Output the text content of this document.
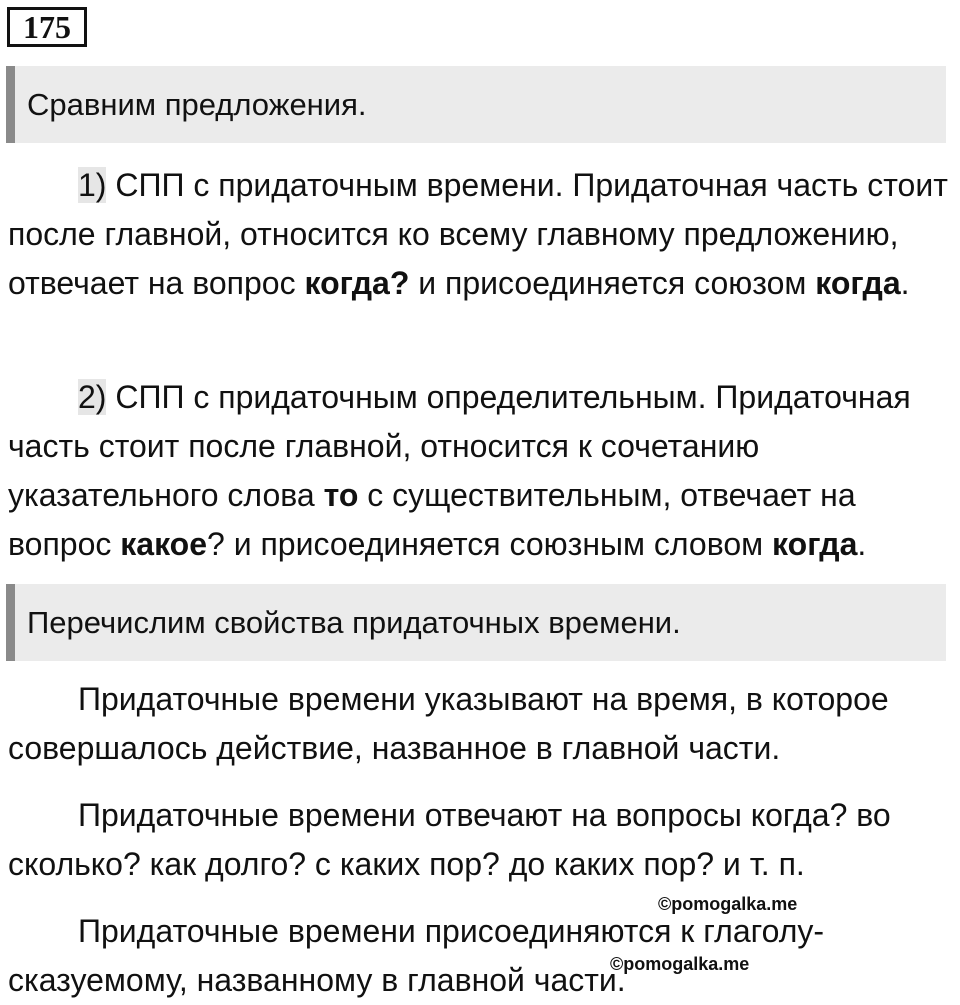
175
Сравним предложения.

1) СПП с придаточным времени. Придаточная часть стоит после главной, относится ко всему главному предложению, отвечает на вопрос когда? и присоединяется союзом когда.

2) СПП с придаточным определительным. Придаточная часть стоит после главной, относится к сочетанию указательного слова то с существительным, отвечает на вопрос какое? и присоединяется союзным словом когда.

Перечислим свойства придаточных времени.

Придаточные времени указывают на время, в которое совершалось действие, названное в главной части.

Придаточные времени отвечают на вопросы когда? во сколько? как долго? с каких пор? до каких пор? и т. п.

Придаточные времени присоединяются к глаголу-сказуемому, названному в главной части.

©pomogalka.me
©pomogalka.me
